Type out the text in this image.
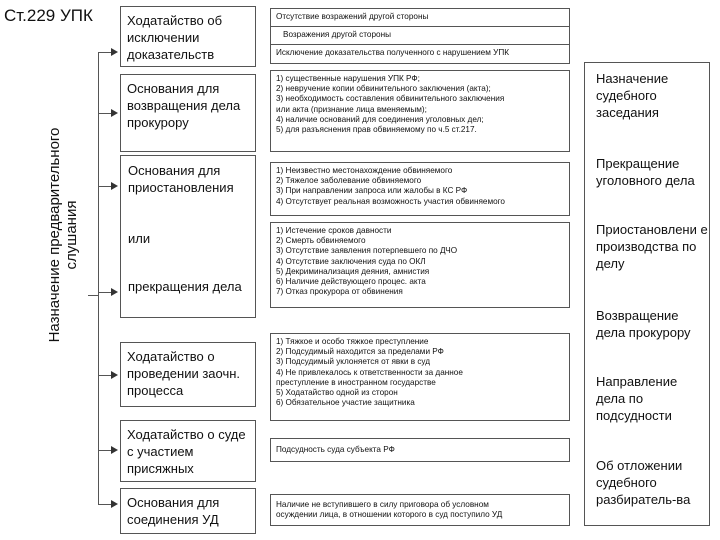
Ст.229 УПК
Назначение предварительного слушания
Ходатайство об исключении доказательств
Основания для возвращения дела прокурору
Основания для приостановления
или
прекращения дела
Ходатайство о проведении заочн. процесса
Ходатайство о суде с участием присяжных
Основания для соединения УД
Отсутствие возражений другой стороны
Возражения другой стороны
Исключение доказательства полученного с нарушением УПК
1) существенные нарушения УПК РФ;
2) невручение копии обвинительного заключения (акта);
3) необходимость составления обвинительного заключения
или акта (признание лица вменяемым);
4) наличие оснований для соединения уголовных дел;
5) для разъяснения прав обвиняемому по ч.5 ст.217.
1) Неизвестно местонахождение обвиняемого
2) Тяжелое заболевание обвиняемого
3) При направлении запроса или жалобы в КС РФ
4) Отсутствует реальная возможность участия обвиняемого
1) Истечение сроков давности
2) Смерть обвиняемого
3) Отсутствие заявления потерпевшего по ДЧО
4) Отсутствие заключения суда по ОКЛ
5) Декриминализация деяния, амнистия
6) Наличие действующего процес. акта
7) Отказ прокурора от обвинения
1) Тяжкое и особо тяжкое преступление
2) Подсудимый находится за пределами РФ
3) Подсудимый уклоняется от явки в суд
4) Не привлекалось к ответственности за данное
преступление в иностранном государстве
5) Ходатайство одной из сторон
6) Обязательное участие защитника
Подсудность суда субъекта РФ
Наличие не вступившего в силу приговора об условном
осуждении лица, в отношении которого в суд поступило УД
Назначение судебного заседания
Прекращение уголовного дела
Приостановлени е производства по делу
Возвращение дела прокурору
Направление дела по подсудности
Об отложении судебного разбиратель-ва
